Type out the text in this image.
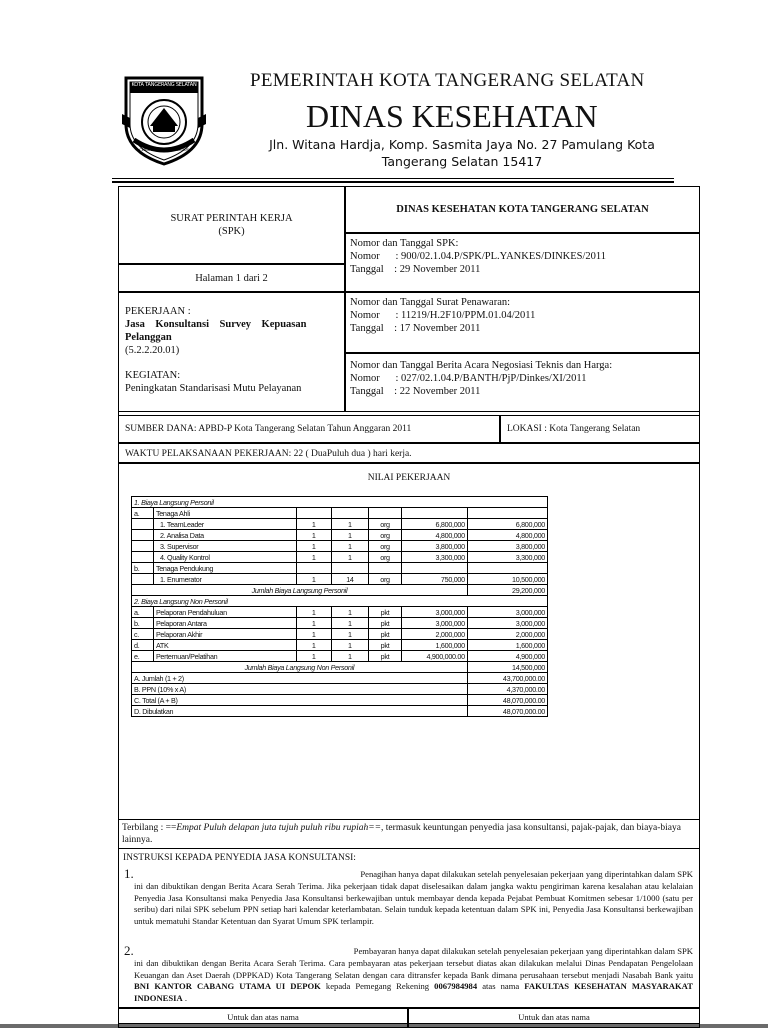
KOTA TANGERANG SELATAN
CERDAS MODERN RELIGIUS
PEMERINTAH KOTA TANGERANG SELATAN
DINAS KESEHATAN
Jln. Witana Hardja, Komp. Sasmita Jaya No. 27 Pamulang Kota
Tangerang Selatan 15417
SURAT PERINTAH KERJA
(SPK)
Halaman 1 dari 2
PEKERJAAN :
Jasa    Konsultansi    Survey    Kepuasan
Pelanggan
(5.2.2.20.01)
KEGIATAN:
Peningkatan Standarisasi Mutu Pelayanan
DINAS KESEHATAN KOTA TANGERANG SELATAN
Nomor dan Tanggal SPK:
Nomor      : 900/02.1.04.P/SPK/PL.YANKES/DINKES/2011
Tanggal    : 29 November 2011
Nomor dan Tanggal Surat Penawaran:
Nomor      : 11219/H.2F10/PPM.01.04/2011
Tanggal    : 17 November 2011
Nomor dan Tanggal Berita Acara Negosiasi Teknis dan Harga:
Nomor      : 027/02.1.04.P/BANTH/PjP/Dinkes/XI/2011
Tanggal    : 22 November 2011
SUMBER DANA: APBD-P Kota Tangerang Selatan Tahun Anggaran 2011	LOKASI : Kota Tangerang Selatan
WAKTU PELAKSANAAN PEKERJAAN: 22 ( DuaPuluh dua ) hari kerja.
NILAI PEKERJAAN
1. Biaya Langsung Personil						
a.	Tenaga Ahli					
	1. TeamLeader	1	1	org	6,800,000	6,800,000
	2. Analisa Data	1	1	org	4,800,000	4,800,000
	3. Supervisor	1	1	org	3,800,000	3,800,000
	4. Quality Kontrol	1	1	org	3,300,000	3,300,000
b.	Tenaga Pendukung					
	1. Enumerator	1	14	org	750,000	10,500,000
Jumlah Biaya Langsung Personil						29,200,000
2. Biaya Langsung Non Personil						
a.	Pelaporan Pendahuluan	1	1	pkt	3,000,000	3,000,000
b.	Pelaporan Antara	1	1	pkt	3,000,000	3,000,000
c.	Pelaporan Akhir	1	1	pkt	2,000,000	2,000,000
d.	ATK	1	1	pkt	1,600,000	1,600,000
e.	Pertemuan/Pelatihan	1	1	pkt	4,900,000.00	4,900,000
Jumlah Biaya Langsung Non Personil						14,500,000
A. Jumlah (1 + 2)						43,700,000.00
B. PPN (10% x A)						4,370,000.00
C. Total (A + B)						48,070,000.00
D. Dibulatkan						48,070,000.00
Terbilang : ==Empat Puluh delapan juta tujuh puluh ribu rupiah==, termasuk keuntungan penyedia jasa konsultansi, pajak-pajak, dan biaya-biaya lainnya.
INSTRUKSI KEPADA PENYEDIA JASA KONSULTANSI:
1.	Penagihan hanya dapat dilakukan setelah penyelesaian pekerjaan yang diperintahkan dalam SPK
ini dan dibuktikan dengan Berita Acara Serah Terima. Jika pekerjaan tidak dapat diselesaikan dalam jangka waktu pengiriman karena kesalahan atau kelalaian Penyedia Jasa Konsultansi maka Penyedia Jasa Konsultansi berkewajiban untuk membayar denda kepada Pejabat Pembuat Komitmen sebesar 1/1000 (satu per seribu) dari nilai SPK sebelum PPN setiap hari kalendar keterlambatan. Selain tunduk kepada ketentuan dalam SPK ini, Penyedia Jasa Konsultansi berkewajiban untuk mematuhi Standar Ketentuan dan Syarat Umum SPK terlampir.
2.	Pembayaran hanya dapat dilakukan setelah penyelesaian pekerjaan yang diperintahkan dalam SPK
ini dan dibuktikan dengan Berita Acara Serah Terima. Cara pembayaran atas pekerjaan tersebut diatas akan dilakukan melalui Dinas Pendapatan Pengelolaan Keuangan dan Aset Daerah (DPPKAD) Kota Tangerang Selatan dengan cara ditransfer kepada Bank dimana perusahaan tersebut menjadi Nasabah Bank yaitu BNI KANTOR CABANG UTAMA UI DEPOK kepada Pemegang Rekening 0067984984 atas nama FAKULTAS KESEHATAN MASYARAKAT INDONESIA .
Untuk dan atas nama	Untuk dan atas nama
